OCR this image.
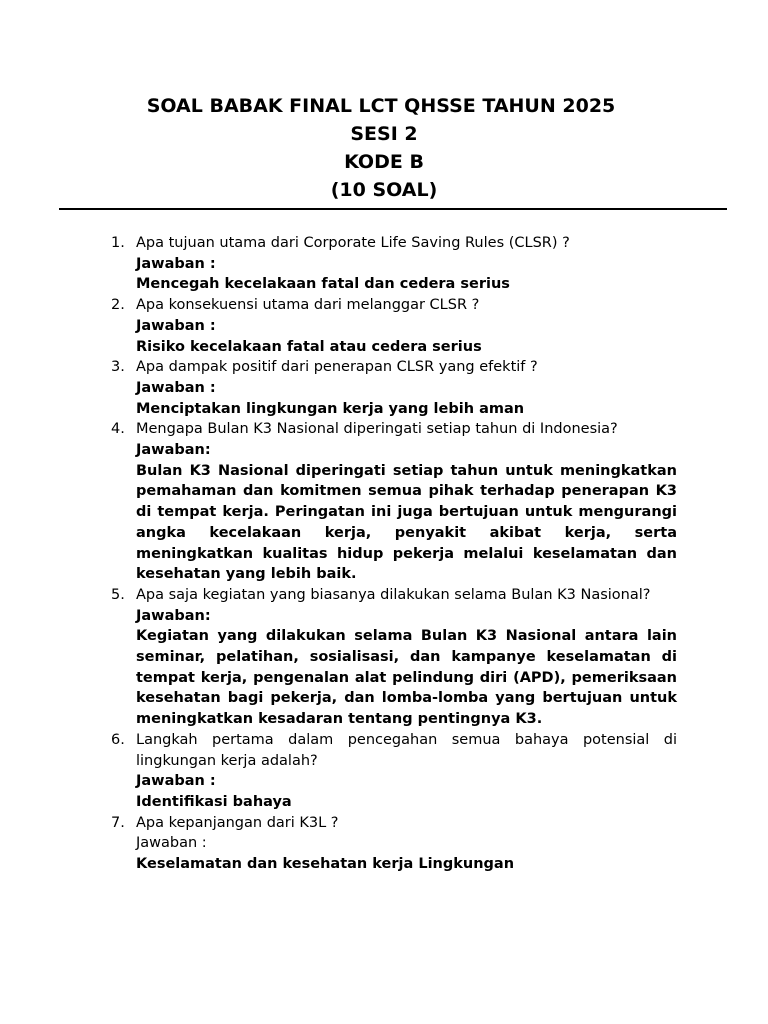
SOAL BABAK FINAL LCT QHSSE TAHUN 2025
SESI 2
KODE B
(10 SOAL)
1. Apa tujuan utama dari Corporate Life Saving Rules (CLSR) ?
Jawaban :
Mencegah kecelakaan fatal dan cedera serius
2. Apa konsekuensi utama dari melanggar CLSR ?
Jawaban :
Risiko kecelakaan fatal atau cedera serius
3. Apa dampak positif dari penerapan CLSR yang efektif ?
Jawaban :
Menciptakan lingkungan kerja yang lebih aman
4. Mengapa Bulan K3 Nasional diperingati setiap tahun di Indonesia?
Jawaban:
Bulan K3 Nasional diperingati setiap tahun untuk meningkatkan pemahaman dan komitmen semua pihak terhadap penerapan K3 di tempat kerja. Peringatan ini juga bertujuan untuk mengurangi angka kecelakaan kerja, penyakit akibat kerja, serta meningkatkan kualitas hidup pekerja melalui keselamatan dan kesehatan yang lebih baik.
5. Apa saja kegiatan yang biasanya dilakukan selama Bulan K3 Nasional?
Jawaban:
Kegiatan yang dilakukan selama Bulan K3 Nasional antara lain seminar, pelatihan, sosialisasi, dan kampanye keselamatan di tempat kerja, pengenalan alat pelindung diri (APD), pemeriksaan kesehatan bagi pekerja, dan lomba-lomba yang bertujuan untuk meningkatkan kesadaran tentang pentingnya K3.
6. Langkah pertama dalam pencegahan semua bahaya potensial di lingkungan kerja adalah?
Jawaban :
Identifikasi bahaya
7. Apa kepanjangan dari K3L ?
Jawaban :
Keselamatan dan kesehatan kerja Lingkungan
